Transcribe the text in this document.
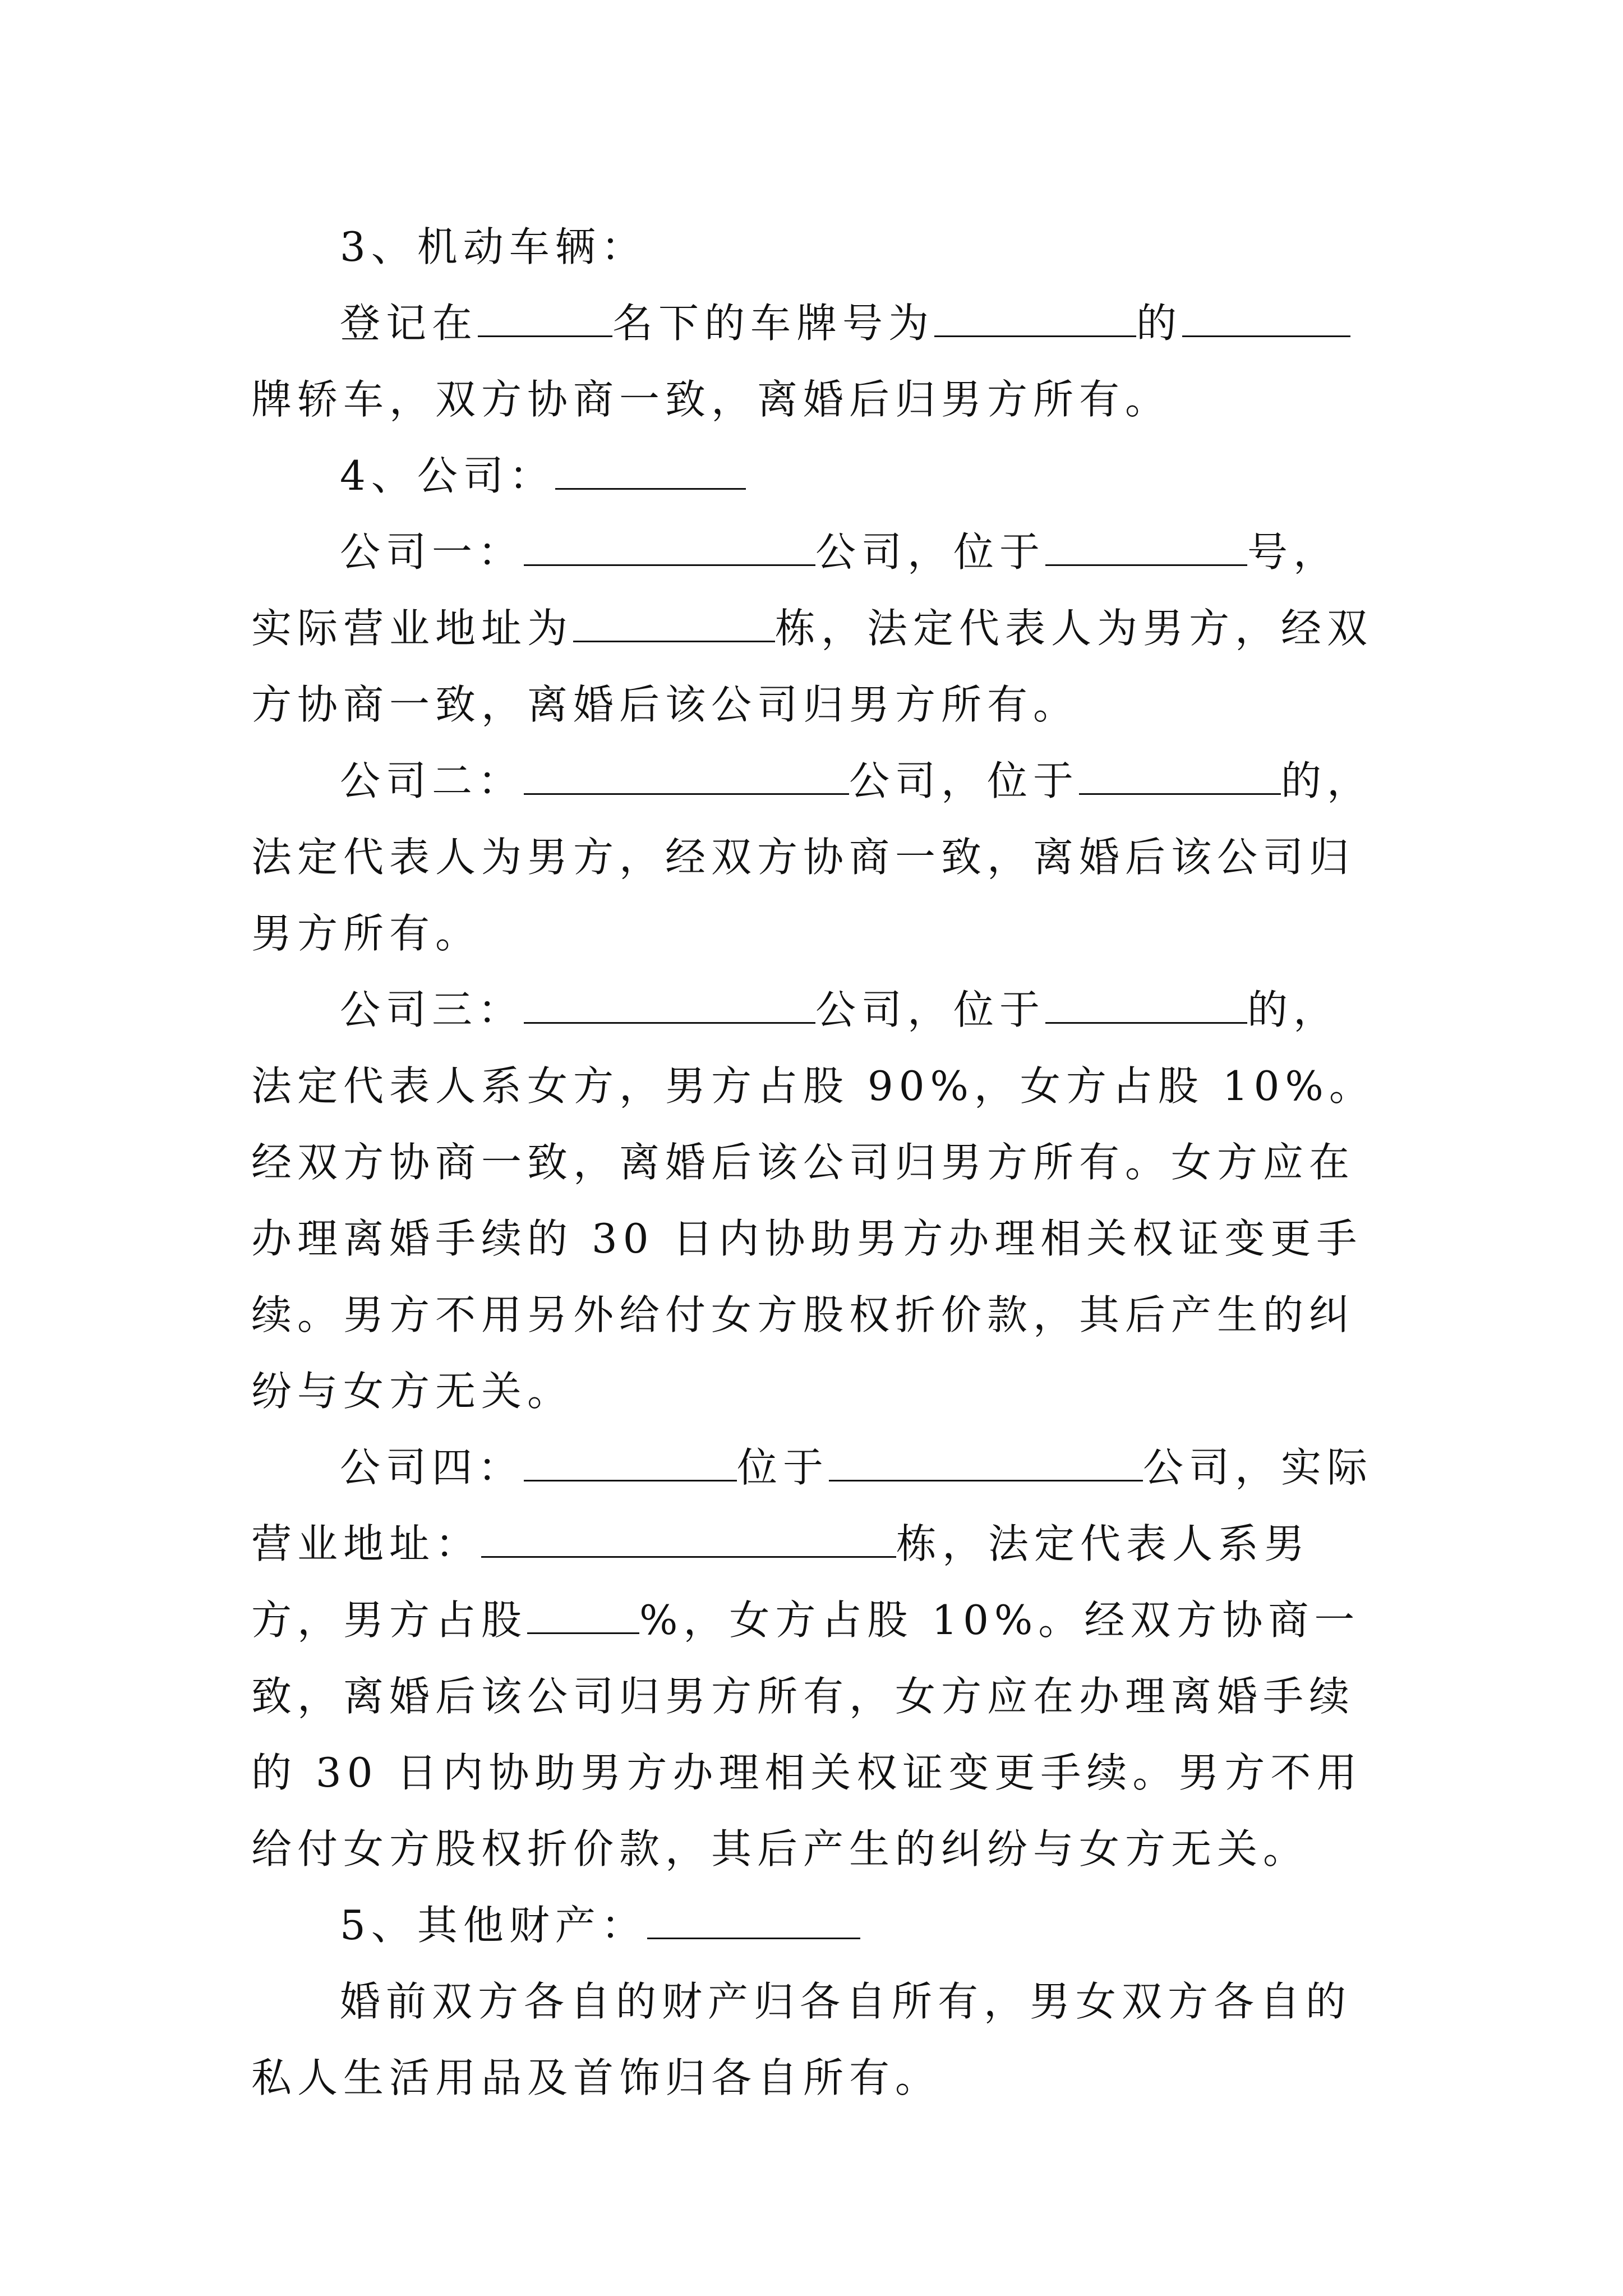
3、机动车辆：

登记在	名下的车牌号为	的牌轿车，双方协商一致，离婚后归男方所有。

4、公司：

公司一：	公司，位于	号，实际营业地址为	栋，法定代表人为男方，经双方协商一致，离婚后该公司归男方所有。

公司二：	公司，位于	的，法定代表人为男方，经双方协商一致，离婚后该公司归男方所有。

公司三：	公司，位于	的，法定代表人系女方，男方占股 90%，女方占股 10%。经双方协商一致，离婚后该公司归男方所有。女方应在办理离婚手续的 30 日内协助男方办理相关权证变更手续。男方不用另外给付女方股权折价款，其后产生的纠纷与女方无关。

公司四：	位于	公司，实际营业地址：	栋，法定代表人系男方，男方占股	%，女方占股 10%。经双方协商一致，离婚后该公司归男方所有，女方应在办理离婚手续的 30 日内协助男方办理相关权证变更手续。男方不用给付女方股权折价款，其后产生的纠纷与女方无关。

5、其他财产：

婚前双方各自的财产归各自所有，男女双方各自的私人生活用品及首饰归各自所有。
